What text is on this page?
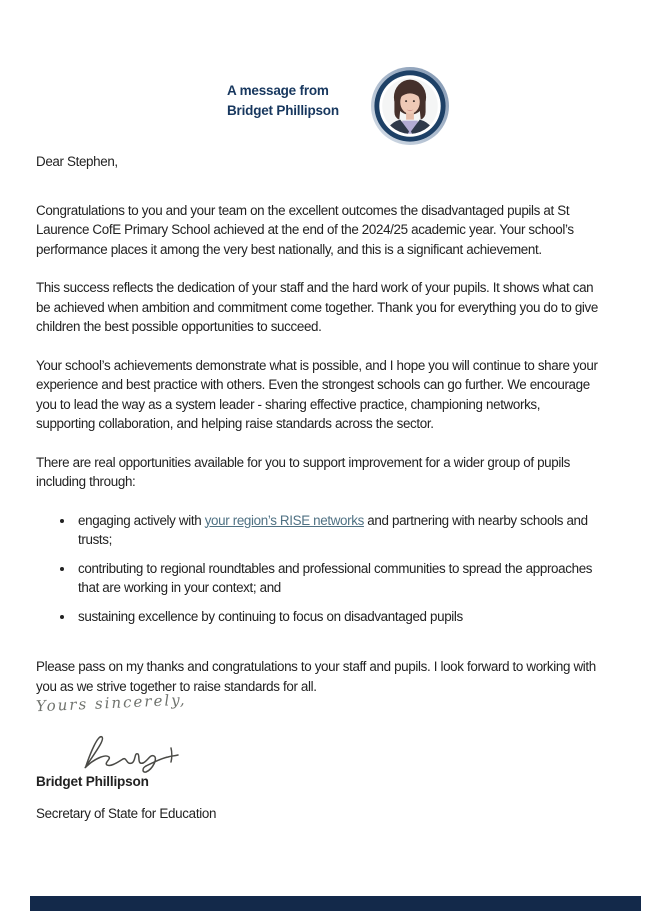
A message from
Bridget Phillipson
Dear Stephen,
Congratulations to you and your team on the excellent outcomes the disadvantaged pupils at St
Laurence CofE Primary School achieved at the end of the 2024/25 academic year. Your school’s
performance places it among the very best nationally, and this is a significant achievement.
This success reflects the dedication of your staff and the hard work of your pupils. It shows what can
be achieved when ambition and commitment come together. Thank you for everything you do to give
children the best possible opportunities to succeed.
Your school’s achievements demonstrate what is possible, and I hope you will continue to share your
experience and best practice with others. Even the strongest schools can go further. We encourage
you to lead the way as a system leader - sharing effective practice, championing networks,
supporting collaboration, and helping raise standards across the sector.
There are real opportunities available for you to support improvement for a wider group of pupils
including through:
engaging actively with your region’s RISE networks and partnering with nearby schools and
trusts;
contributing to regional roundtables and professional communities to spread the approaches
that are working in your context; and
sustaining excellence by continuing to focus on disadvantaged pupils
Please pass on my thanks and congratulations to your staff and pupils. I look forward to working with
you as we strive together to raise standards for all.
Yours sincerely,
Bridget Phillipson
Secretary of State for Education
